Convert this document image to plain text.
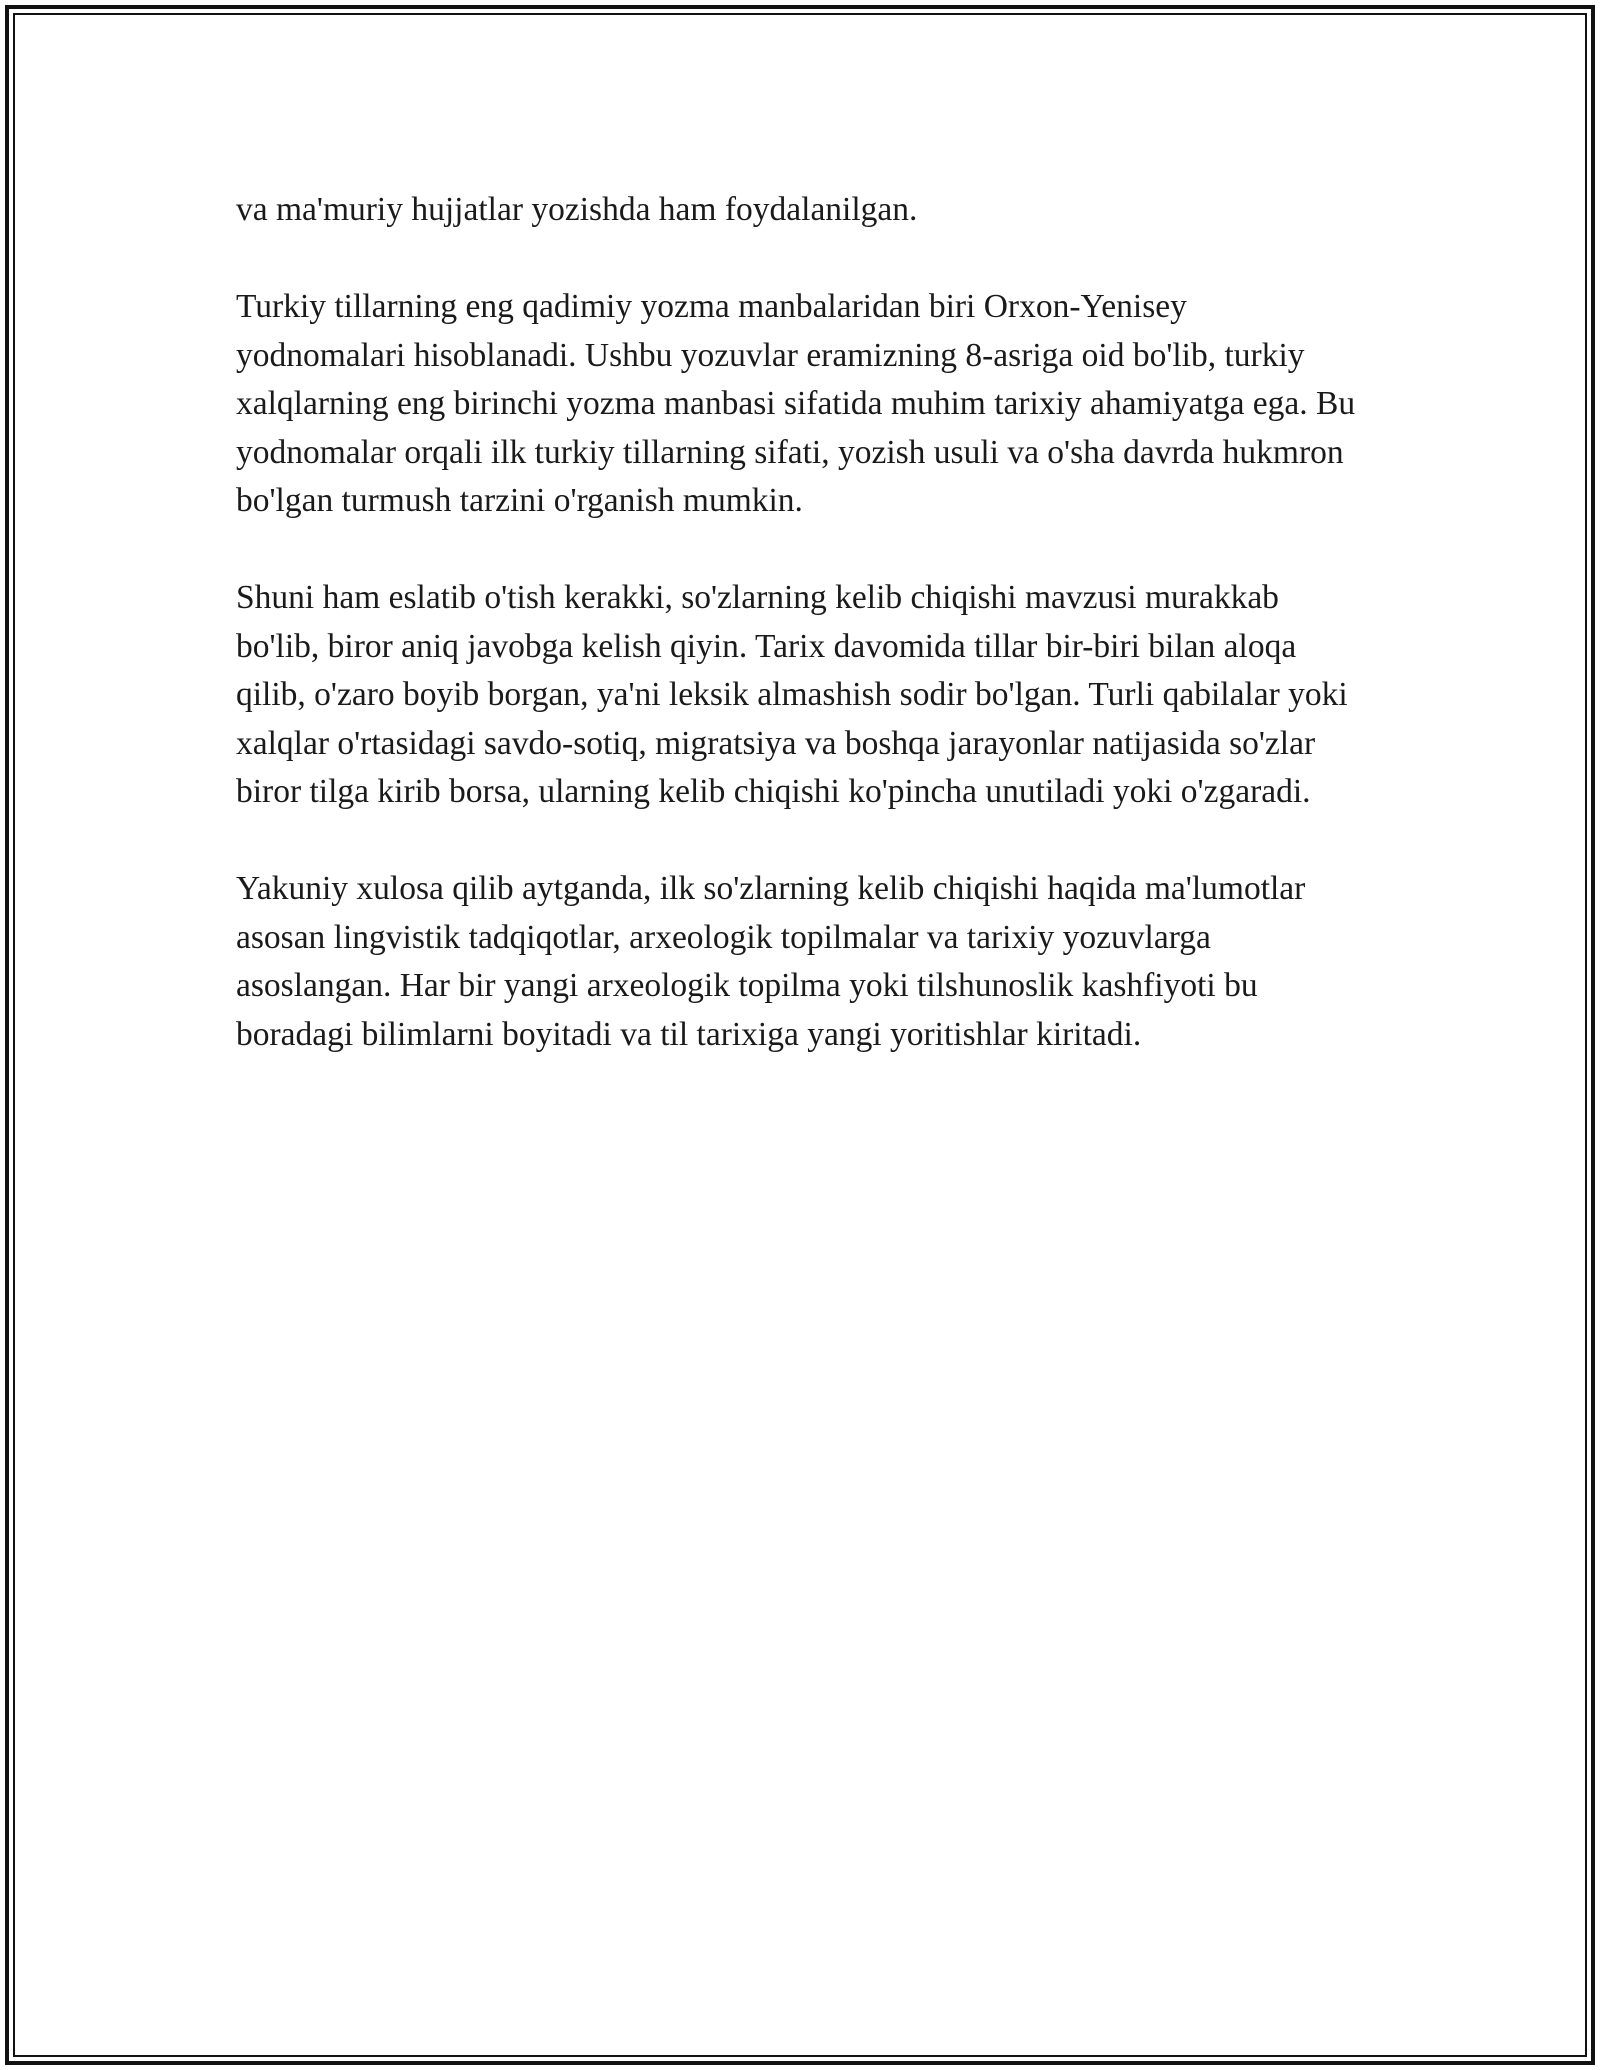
va ma'muriy hujjatlar yozishda ham foydalanilgan.

Turkiy tillarning eng qadimiy yozma manbalaridan biri Orxon-Yenisey yodnomalari hisoblanadi. Ushbu yozuvlar eramizning 8-asriga oid bo'lib, turkiy xalqlarning eng birinchi yozma manbasi sifatida muhim tarixiy ahamiyatga ega. Bu yodnomalar orqali ilk turkiy tillarning sifati, yozish usuli va o'sha davrda hukmron bo'lgan turmush tarzini o'rganish mumkin.

Shuni ham eslatib o'tish kerakki, so'zlarning kelib chiqishi mavzusi murakkab bo'lib, biror aniq javobga kelish qiyin. Tarix davomida tillar bir-biri bilan aloqa qilib, o'zaro boyib borgan, ya'ni leksik almashish sodir bo'lgan. Turli qabilalar yoki xalqlar o'rtasidagi savdo-sotiq, migratsiya va boshqa jarayonlar natijasida so'zlar biror tilga kirib borsa, ularning kelib chiqishi ko'pincha unutiladi yoki o'zgaradi.

Yakuniy xulosa qilib aytganda, ilk so'zlarning kelib chiqishi haqida ma'lumotlar asosan lingvistik tadqiqotlar, arxeologik topilmalar va tarixiy yozuvlarga asoslangan. Har bir yangi arxeologik topilma yoki tilshunoslik kashfiyoti bu boradagi bilimlarni boyitadi va til tarixiga yangi yoritishlar kiritadi.
